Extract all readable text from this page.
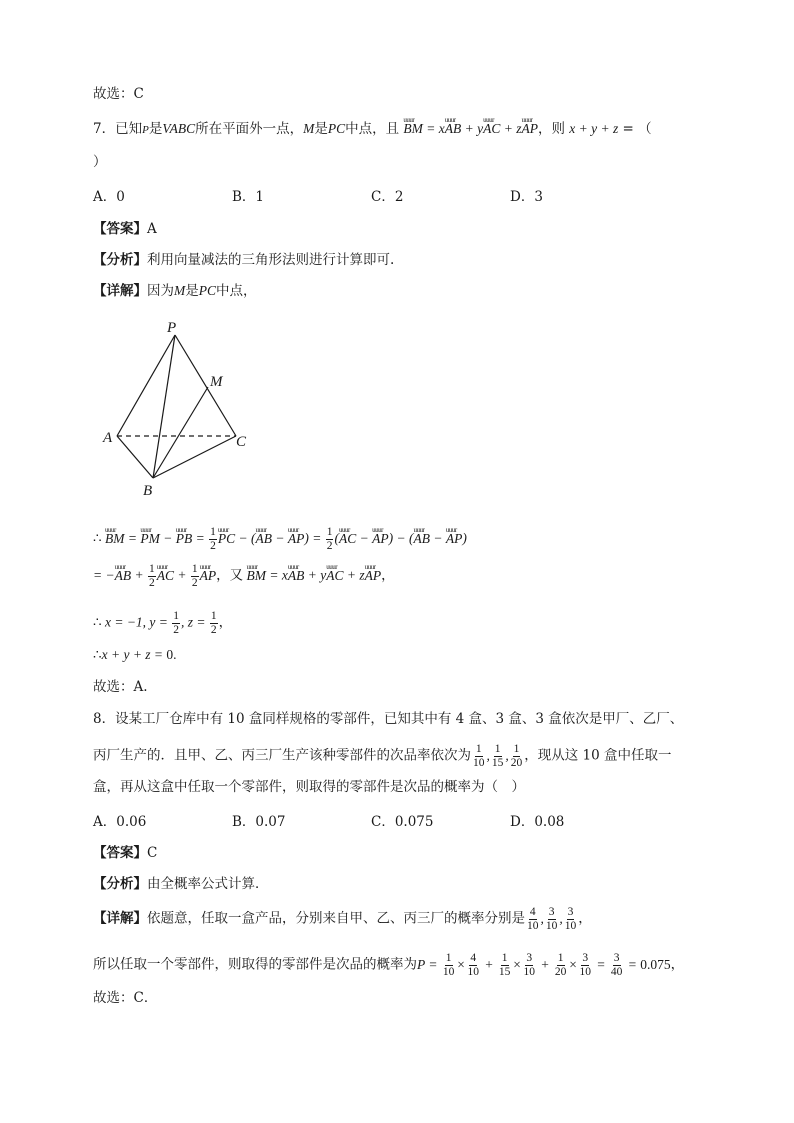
故选：C
7．已知P是VABC所在平面外一点，M是PC中点，且 uuur BM = xuuur AB + yuuur AC + zuuur AP，则 x + y + z = （
）
A．0	B．1	C．2	D．3
【答案】A
【分析】利用向量减法的三角形法则进行计算即可.
【详解】因为M是PC中点，
P
M
A	C
B
∴ uuur BM = uuur PM − uuur PB = $\frac{1}{2}$ uuur PC − (uuur AB − uuur $AP) = \frac{1}{2}$ (uuur AC − uuur AP) − (uuur AB − uuur AP)
= −uuur AB + $\frac{1}{2}$ uuur AC + $\frac{1}{2}$ uuur AP，又 uuur BM = xuuur AB + yuuur AC + zuuur AP，
∴ x = −1, $y = \frac{1}{2}$ , $z = \frac{1}{2}$ ，
∴x + y + z = 0.
故选：A.
8．设某工厂仓库中有 10 盒同样规格的零部件，已知其中有 4 盒、3 盒、3 盒依次是甲厂、乙厂、
丙厂生产的．且甲、乙、丙三厂生产该种零部件的次品率依次为 $\frac{1}{10}$ , $\frac{1}{15}$ , $\frac{1}{20}$ ，现从这 10 盒中任取一
盒，再从这盒中任取一个零部件，则取得的零部件是次品的概率为（　）
A．0.06	B．0.07	C．0.075	D．0.08
【答案】C
【分析】由全概率公式计算．
【详解】依题意，任取一盒产品，分别来自甲、乙、丙三厂的概率分别是 $\frac{4}{10}$ , $\frac{3}{10}$ , $\frac{3}{10}$ ，
所以任取一个零部件，则取得的零部件是次品的概率为$P = \frac{1}{10} \times \frac{4}{10} + \frac{1}{15} \times \frac{3}{10} + \frac{1}{20} \times \frac{3}{10} = \frac{3}{40} = 0.075$，
故选：C．
